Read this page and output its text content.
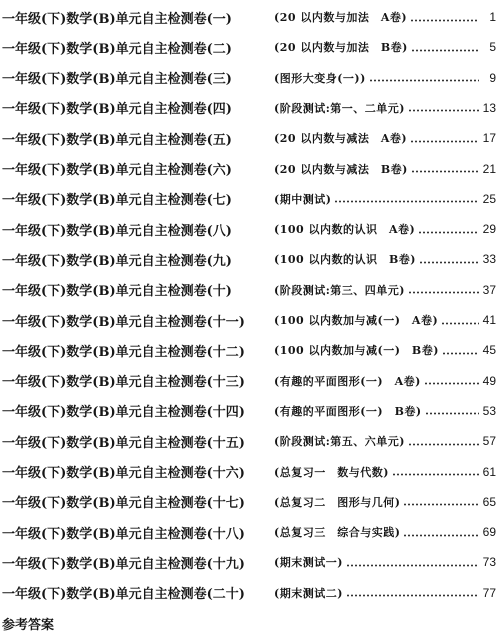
一年级(下)数学(B)单元自主检测卷(一)	(20 以内数与加法　A卷)	1
一年级(下)数学(B)单元自主检测卷(二)	(20 以内数与加法　B卷)	5
一年级(下)数学(B)单元自主检测卷(三)	(图形大变身(一))	9
一年级(下)数学(B)单元自主检测卷(四)	(阶段测试:第一、二单元)	13
一年级(下)数学(B)单元自主检测卷(五)	(20 以内数与减法　A卷)	17
一年级(下)数学(B)单元自主检测卷(六)	(20 以内数与减法　B卷)	21
一年级(下)数学(B)单元自主检测卷(七)	(期中测试)	25
一年级(下)数学(B)单元自主检测卷(八)	(100 以内数的认识　A卷)	29
一年级(下)数学(B)单元自主检测卷(九)	(100 以内数的认识　B卷)	33
一年级(下)数学(B)单元自主检测卷(十)	(阶段测试:第三、四单元)	37
一年级(下)数学(B)单元自主检测卷(十一)	(100 以内数加与减(一)　A卷)	41
一年级(下)数学(B)单元自主检测卷(十二)	(100 以内数加与减(一)　B卷)	45
一年级(下)数学(B)单元自主检测卷(十三)	(有趣的平面图形(一)　A卷)	49
一年级(下)数学(B)单元自主检测卷(十四)	(有趣的平面图形(一)　B卷)	53
一年级(下)数学(B)单元自主检测卷(十五)	(阶段测试:第五、六单元)	57
一年级(下)数学(B)单元自主检测卷(十六)	(总复习一　数与代数)	61
一年级(下)数学(B)单元自主检测卷(十七)	(总复习二　图形与几何)	65
一年级(下)数学(B)单元自主检测卷(十八)	(总复习三　综合与实践)	69
一年级(下)数学(B)单元自主检测卷(十九)	(期末测试一)	73
一年级(下)数学(B)单元自主检测卷(二十)	(期末测试二)	77
参考答案
